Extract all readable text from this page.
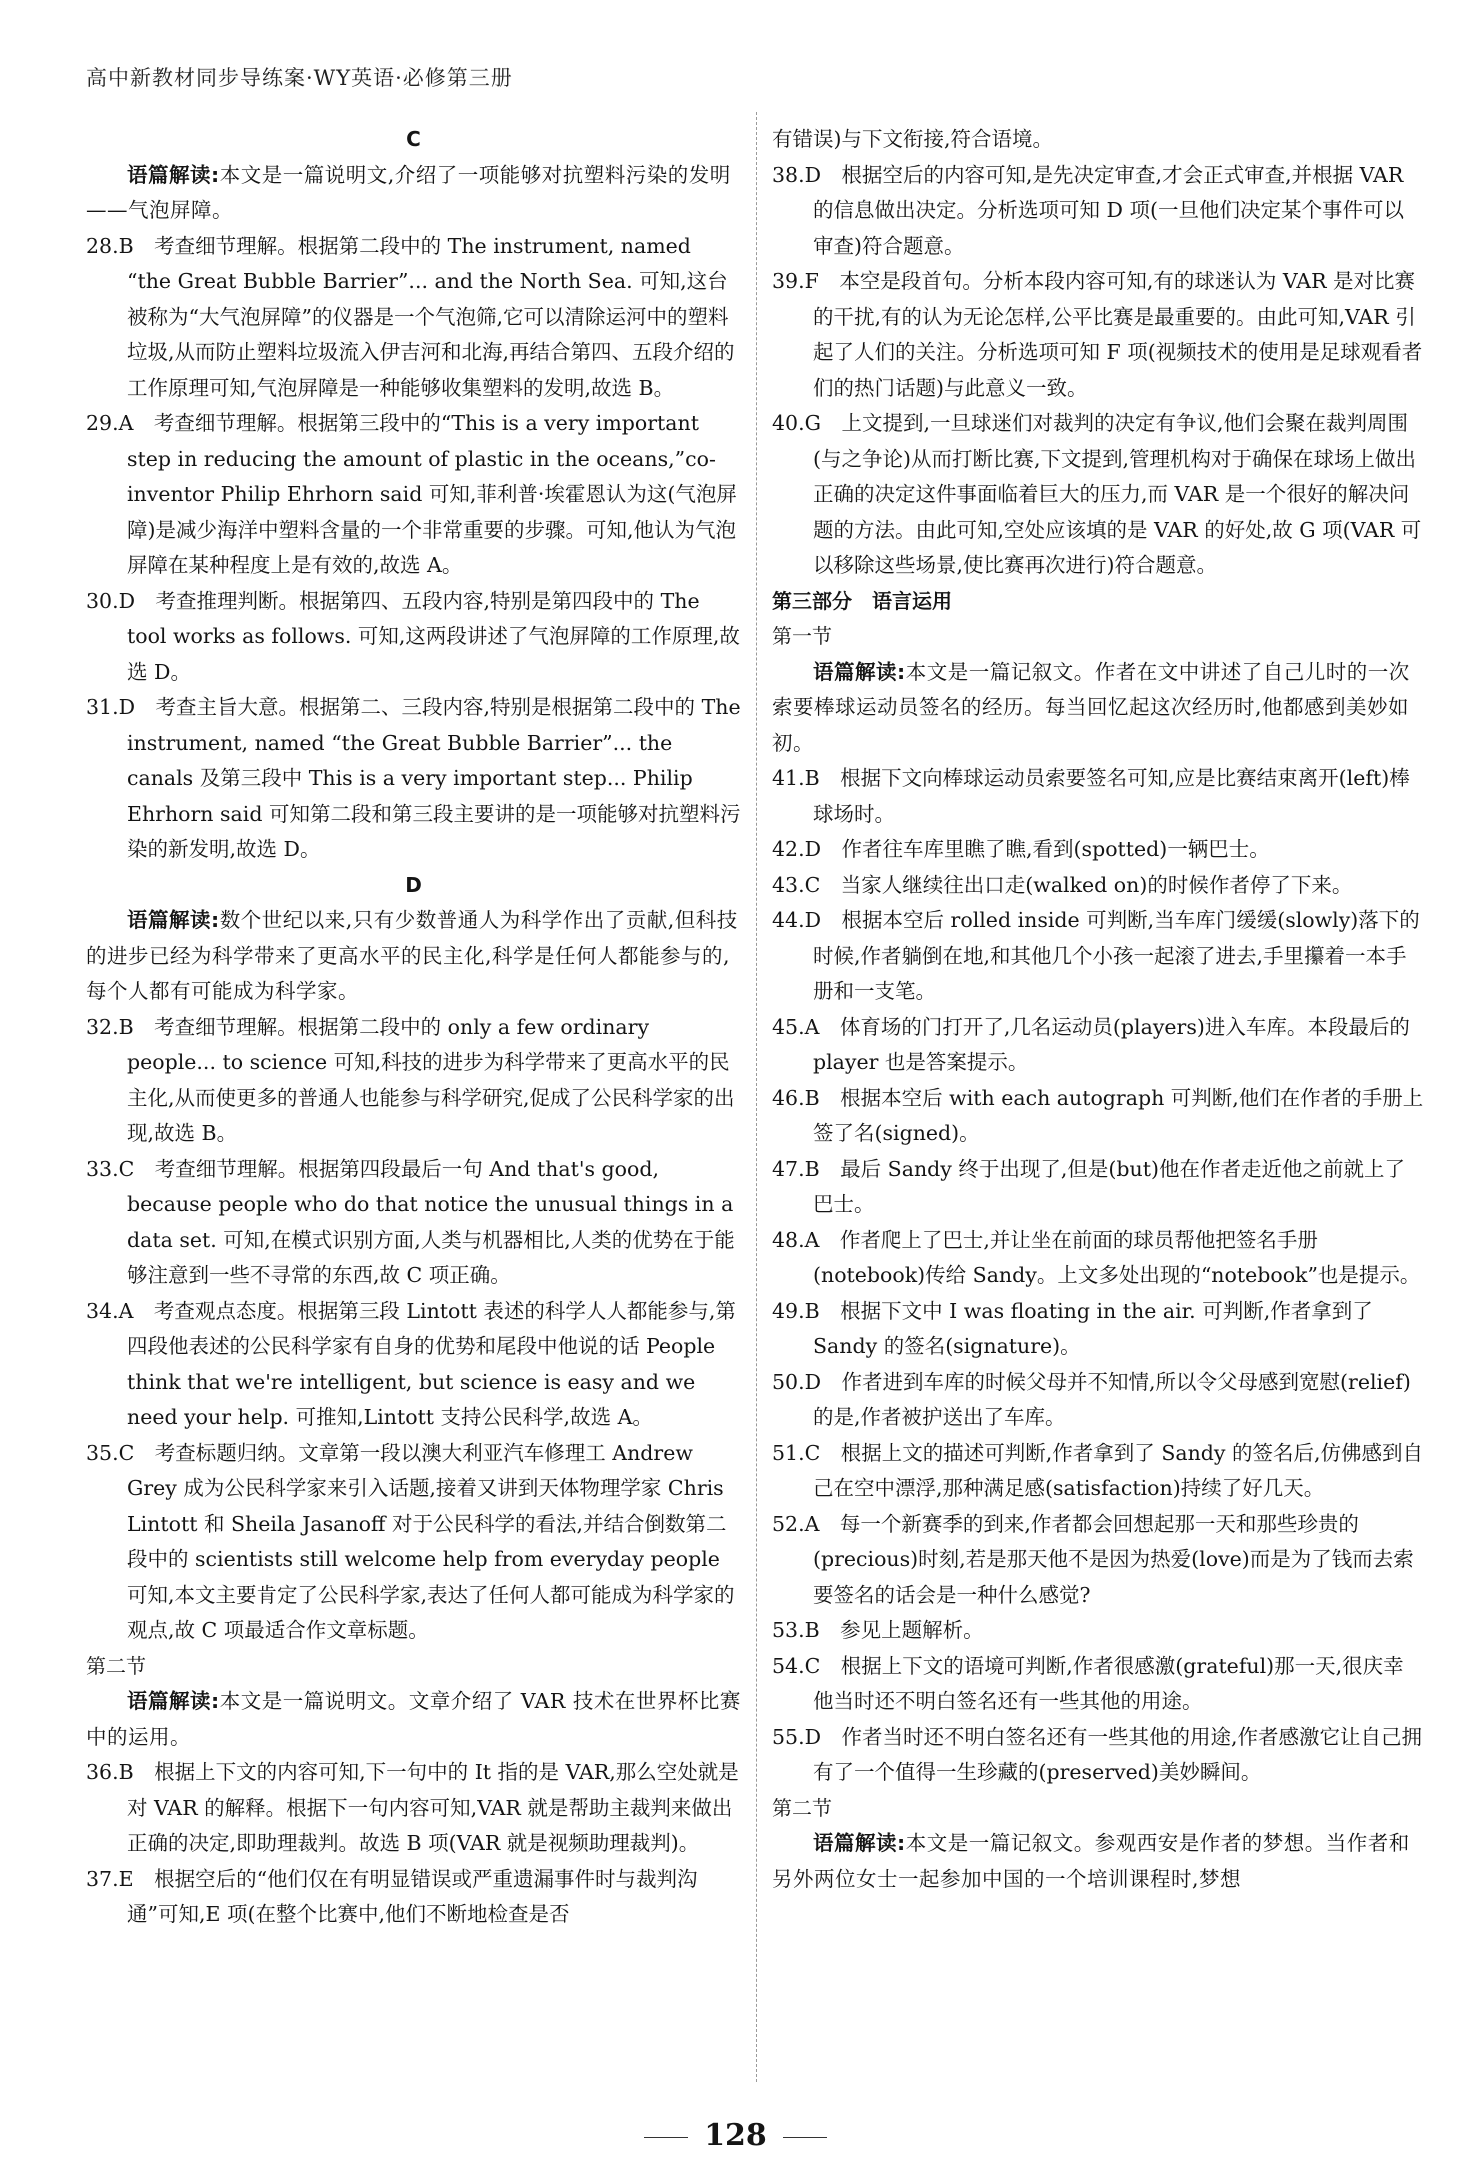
高中新教材同步导练案·WY英语·必修第三册

C

语篇解读:本文是一篇说明文,介绍了一项能够对抗塑料污染的发明——气泡屏障。

28.B　考查细节理解。根据第二段中的 The instrument, named “the Great Bubble Barrier”... and the North Sea. 可知,这台被称为“大气泡屏障”的仪器是一个气泡筛,它可以清除运河中的塑料垃圾,从而防止塑料垃圾流入伊吉河和北海,再结合第四、五段介绍的工作原理可知,气泡屏障是一种能够收集塑料的发明,故选 B。

29.A　考查细节理解。根据第三段中的“This is a very important step in reducing the amount of plastic in the oceans,”co-inventor Philip Ehrhorn said 可知,菲利普·埃霍恩认为这(气泡屏障)是减少海洋中塑料含量的一个非常重要的步骤。可知,他认为气泡屏障在某种程度上是有效的,故选 A。

30.D　考查推理判断。根据第四、五段内容,特别是第四段中的 The tool works as follows. 可知,这两段讲述了气泡屏障的工作原理,故选 D。

31.D　考查主旨大意。根据第二、三段内容,特别是根据第二段中的 The instrument, named “the Great Bubble Barrier”... the canals 及第三段中 This is a very important step... Philip Ehrhorn said 可知第二段和第三段主要讲的是一项能够对抗塑料污染的新发明,故选 D。

D

语篇解读:数个世纪以来,只有少数普通人为科学作出了贡献,但科技的进步已经为科学带来了更高水平的民主化,科学是任何人都能参与的,每个人都有可能成为科学家。

32.B　考查细节理解。根据第二段中的 only a few ordinary people... to science 可知,科技的进步为科学带来了更高水平的民主化,从而使更多的普通人也能参与科学研究,促成了公民科学家的出现,故选 B。

33.C　考查细节理解。根据第四段最后一句 And that's good, because people who do that notice the unusual things in a data set. 可知,在模式识别方面,人类与机器相比,人类的优势在于能够注意到一些不寻常的东西,故 C 项正确。

34.A　考查观点态度。根据第三段 Lintott 表述的科学人人都能参与,第四段他表述的公民科学家有自身的优势和尾段中他说的话 People think that we're intelligent, but science is easy and we need your help. 可推知,Lintott 支持公民科学,故选 A。

35.C　考查标题归纳。文章第一段以澳大利亚汽车修理工 Andrew Grey 成为公民科学家来引入话题,接着又讲到天体物理学家 Chris Lintott 和 Sheila Jasanoff 对于公民科学的看法,并结合倒数第二段中的 scientists still welcome help from everyday people 可知,本文主要肯定了公民科学家,表达了任何人都可能成为科学家的观点,故 C 项最适合作文章标题。

第二节

语篇解读:本文是一篇说明文。文章介绍了 VAR 技术在世界杯比赛中的运用。

36.B　根据上下文的内容可知,下一句中的 It 指的是 VAR,那么空处就是对 VAR 的解释。根据下一句内容可知,VAR 就是帮助主裁判来做出正确的决定,即助理裁判。故选 B 项(VAR 就是视频助理裁判)。

37.E　根据空后的“他们仅在有明显错误或严重遗漏事件时与裁判沟通”可知,E 项(在整个比赛中,他们不断地检查是否

有错误)与下文衔接,符合语境。

38.D　根据空后的内容可知,是先决定审查,才会正式审查,并根据 VAR 的信息做出决定。分析选项可知 D 项(一旦他们决定某个事件可以审查)符合题意。

39.F　本空是段首句。分析本段内容可知,有的球迷认为 VAR 是对比赛的干扰,有的认为无论怎样,公平比赛是最重要的。由此可知,VAR 引起了人们的关注。分析选项可知 F 项(视频技术的使用是足球观看者们的热门话题)与此意义一致。

40.G　上文提到,一旦球迷们对裁判的决定有争议,他们会聚在裁判周围(与之争论)从而打断比赛,下文提到,管理机构对于确保在球场上做出正确的决定这件事面临着巨大的压力,而 VAR 是一个很好的解决问题的方法。由此可知,空处应该填的是 VAR 的好处,故 G 项(VAR 可以移除这些场景,使比赛再次进行)符合题意。

第三部分　语言运用

第一节

语篇解读:本文是一篇记叙文。作者在文中讲述了自己儿时的一次索要棒球运动员签名的经历。每当回忆起这次经历时,他都感到美妙如初。

41.B　根据下文向棒球运动员索要签名可知,应是比赛结束离开(left)棒球场时。

42.D　作者往车库里瞧了瞧,看到(spotted)一辆巴士。

43.C　当家人继续往出口走(walked on)的时候作者停了下来。

44.D　根据本空后 rolled inside 可判断,当车库门缓缓(slowly)落下的时候,作者躺倒在地,和其他几个小孩一起滚了进去,手里攥着一本手册和一支笔。

45.A　体育场的门打开了,几名运动员(players)进入车库。本段最后的 player 也是答案提示。

46.B　根据本空后 with each autograph 可判断,他们在作者的手册上签了名(signed)。

47.B　最后 Sandy 终于出现了,但是(but)他在作者走近他之前就上了巴士。

48.A　作者爬上了巴士,并让坐在前面的球员帮他把签名手册(notebook)传给 Sandy。上文多处出现的“notebook”也是提示。

49.B　根据下文中 I was floating in the air. 可判断,作者拿到了 Sandy 的签名(signature)。

50.D　作者进到车库的时候父母并不知情,所以令父母感到宽慰(relief)的是,作者被护送出了车库。

51.C　根据上文的描述可判断,作者拿到了 Sandy 的签名后,仿佛感到自己在空中漂浮,那种满足感(satisfaction)持续了好几天。

52.A　每一个新赛季的到来,作者都会回想起那一天和那些珍贵的(precious)时刻,若是那天他不是因为热爱(love)而是为了钱而去索要签名的话会是一种什么感觉?

53.B　参见上题解析。

54.C　根据上下文的语境可判断,作者很感激(grateful)那一天,很庆幸他当时还不明白签名还有一些其他的用途。

55.D　作者当时还不明白签名还有一些其他的用途,作者感激它让自己拥有了一个值得一生珍藏的(preserved)美妙瞬间。

第二节

语篇解读:本文是一篇记叙文。参观西安是作者的梦想。当作者和另外两位女士一起参加中国的一个培训课程时,梦想

128
